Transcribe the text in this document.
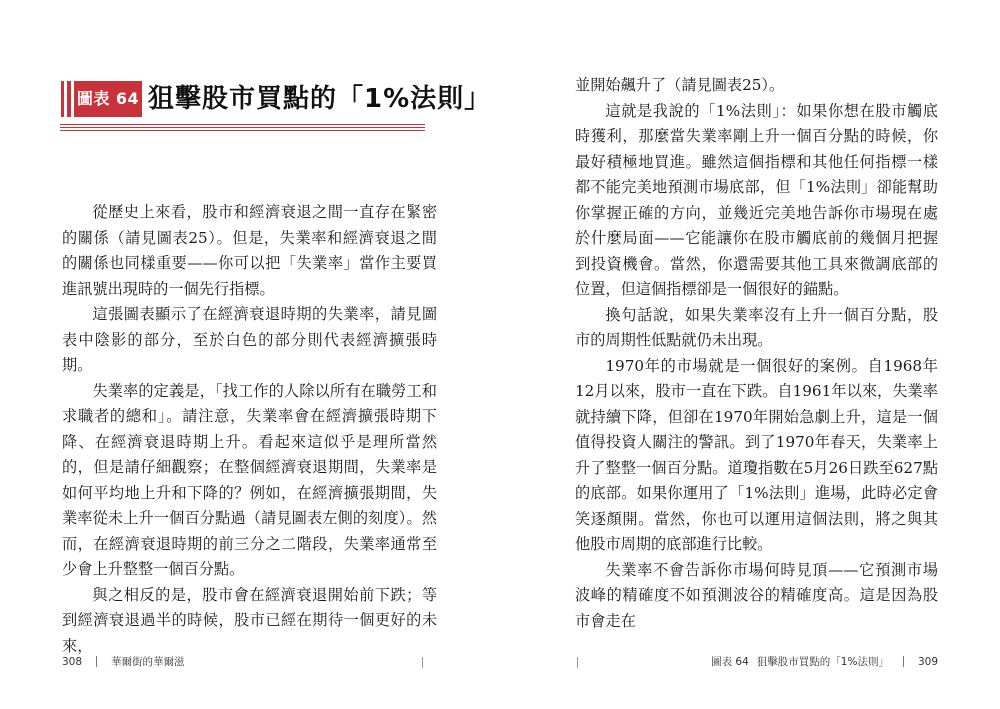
圖表 64 狙擊股市買點的「1%法則」

從歷史上來看，股市和經濟衰退之間一直存在緊密的關係（請見圖表25）。但是，失業率和經濟衰退之間的關係也同樣重要——你可以把「失業率」當作主要買進訊號出現時的一個先行指標。

這張圖表顯示了在經濟衰退時期的失業率，請見圖表中陰影的部分，至於白色的部分則代表經濟擴張時期。

失業率的定義是，「找工作的人除以所有在職勞工和求職者的總和」。請注意，失業率會在經濟擴張時期下降、在經濟衰退時期上升。看起來這似乎是理所當然的，但是請仔細觀察；在整個經濟衰退期間，失業率是如何平均地上升和下降的？例如，在經濟擴張期間，失業率從未上升一個百分點過（請見圖表左側的刻度）。然而，在經濟衰退時期的前三分之二階段，失業率通常至少會上升整整一個百分點。

與之相反的是，股市會在經濟衰退開始前下跌；等到經濟衰退過半的時候，股市已經在期待一個更好的未來，

308	華爾街的華爾滋

並開始飆升了（請見圖表25）。

這就是我說的「1%法則」：如果你想在股市觸底時獲利，那麼當失業率剛上升一個百分點的時候，你最好積極地買進。雖然這個指標和其他任何指標一樣都不能完美地預測市場底部，但「1%法則」卻能幫助你掌握正確的方向，並幾近完美地告訴你市場現在處於什麼局面——它能讓你在股市觸底前的幾個月把握到投資機會。當然，你還需要其他工具來微調底部的位置，但這個指標卻是一個很好的錨點。

換句話說，如果失業率沒有上升一個百分點，股市的周期性低點就仍未出現。

1970年的市場就是一個很好的案例。自1968年12月以來，股市一直在下跌。自1961年以來，失業率就持續下降，但卻在1970年開始急劇上升，這是一個值得投資人關注的警訊。到了1970年春天，失業率上升了整整一個百分點。道瓊指數在5月26日跌至627點的底部。如果你運用了「1%法則」進場，此時必定會笑逐顏開。當然，你也可以運用這個法則，將之與其他股市周期的底部進行比較。

失業率不會告訴你市場何時見頂——它預測市場波峰的精確度不如預測波谷的精確度高。這是因為股市會走在

圖表 64 狙擊股市買點的「1%法則」	309
